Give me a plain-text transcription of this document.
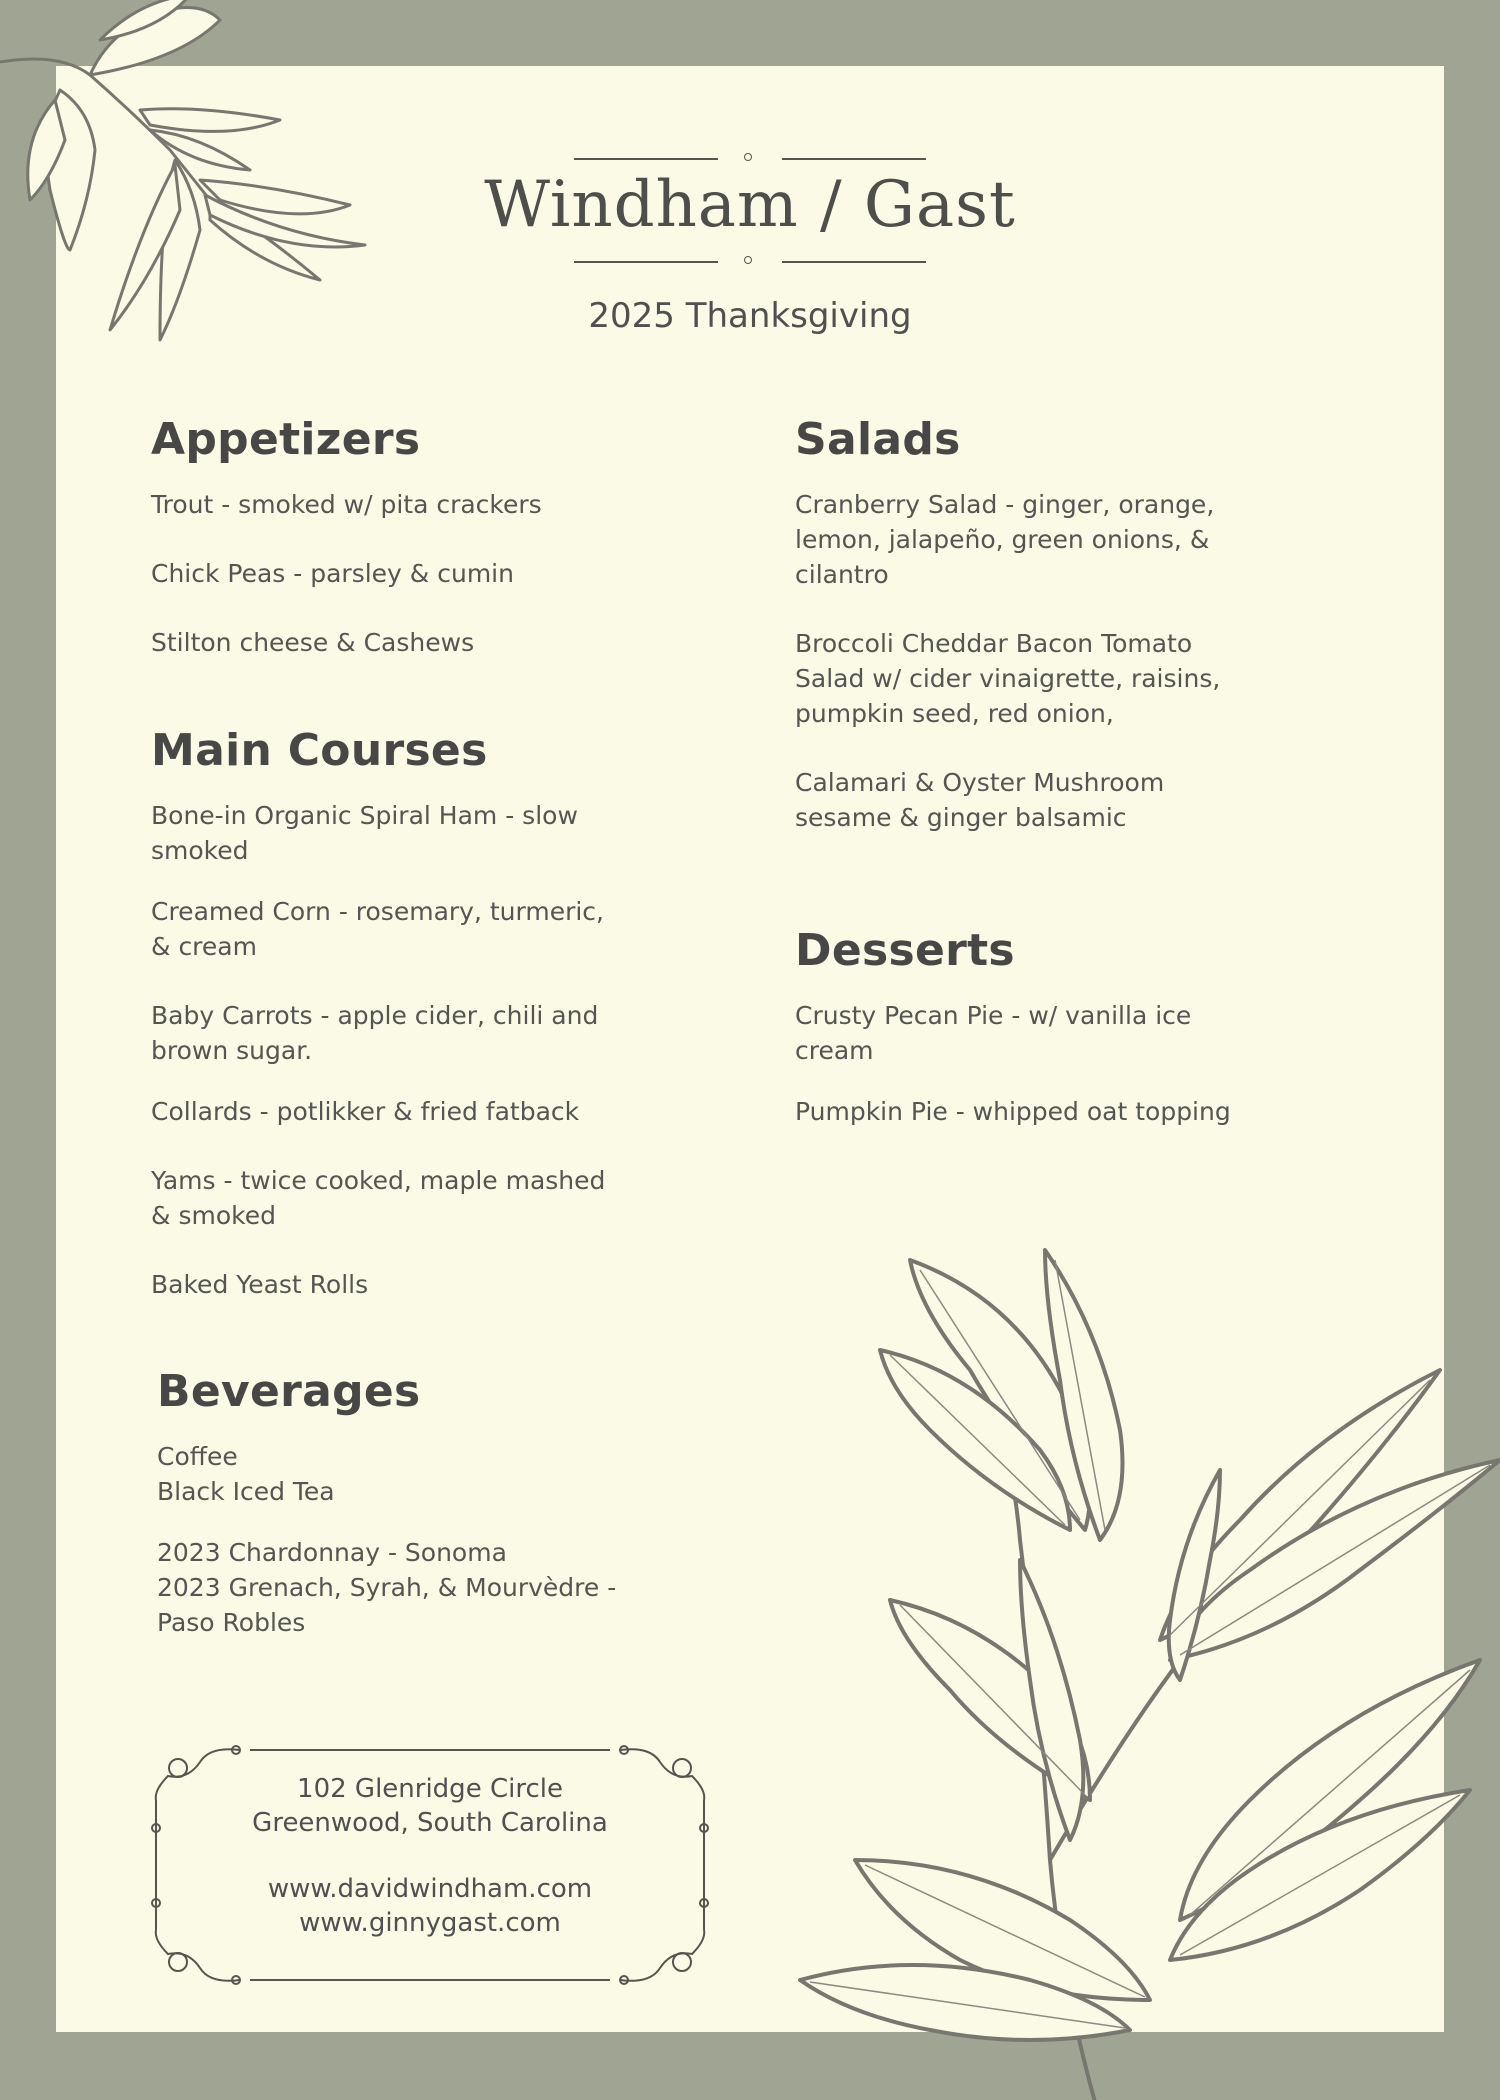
Windham / Gast
2025 Thanksgiving
Appetizers
Trout - smoked w/ pita crackers
Chick Peas - parsley & cumin
Stilton cheese & Cashews
Main Courses
Bone-in Organic Spiral Ham - slow smoked
Creamed Corn - rosemary, turmeric, & cream
Baby Carrots - apple cider, chili and brown sugar.
Collards - potlikker & fried fatback
Yams - twice cooked, maple mashed & smoked
Baked Yeast Rolls
Beverages
Coffee
Black Iced Tea
2023 Chardonnay - Sonoma
2023 Grenach, Syrah, & Mourvèdre - Paso Robles
Salads
Cranberry Salad - ginger, orange, lemon, jalapeño, green onions, & cilantro
Broccoli Cheddar Bacon Tomato Salad w/ cider vinaigrette, raisins, pumpkin seed, red onion,
Calamari & Oyster Mushroom sesame & ginger balsamic
Desserts
Crusty Pecan Pie - w/ vanilla ice cream
Pumpkin Pie - whipped oat topping
102 Glenridge Circle
Greenwood, South Carolina
www.davidwindham.com
www.ginnygast.com
